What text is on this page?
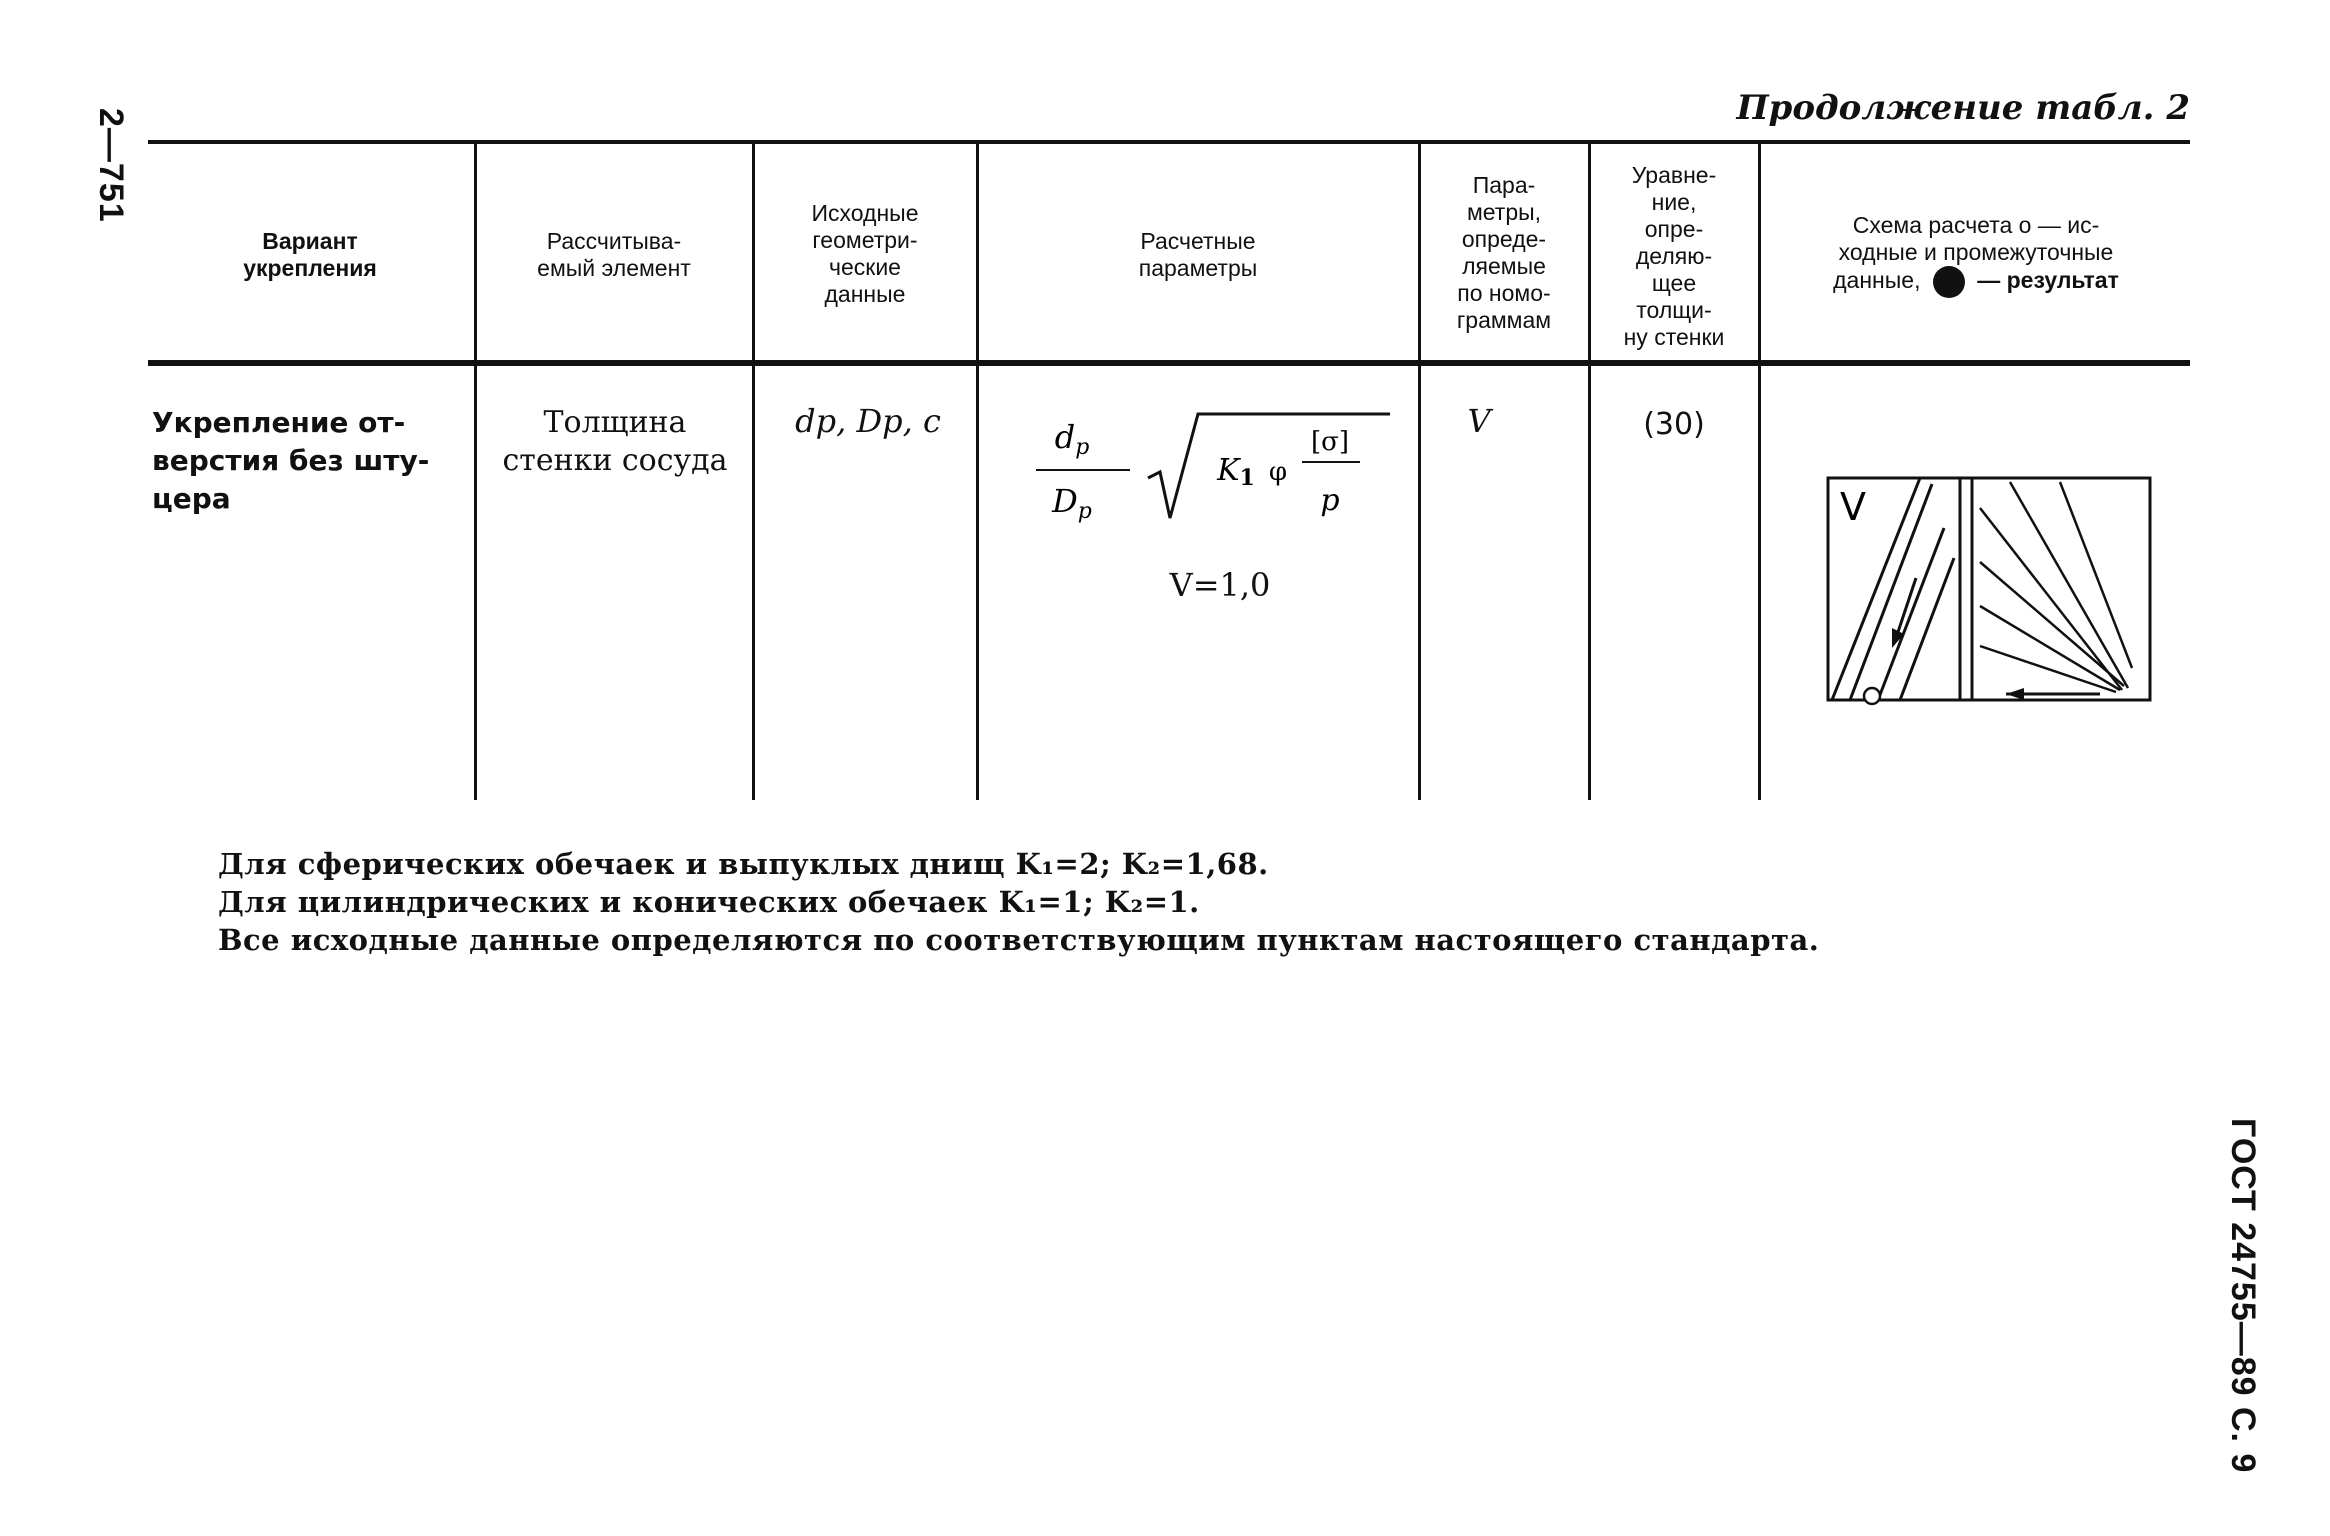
2—751
ГОСТ 24755—89 С. 9
Продолжение табл. 2
Вариант
укрепления
Рассчитыва-
емый элемент
Исходные
геометри-
ческие
данные
Расчетные
параметры
Пара-
метры,
опреде-
ляемые
по номо-
граммам
Уравне-
ние,
опре-
деляю-
щее
толщи-
ну стенки
Схема расчета о — ис-
ходные и промежуточные
данные, — результат
Укрепление от-
верстия без шту-
цера
Толщина
стенки сосуда
dp, Dp, c	dp
Dp
K1 φ
[σ]
p
V=1,0
V	(30)
V
Для сферических обечаек и выпуклых днищ K₁=2; K₂=1,68.
Для цилиндрических и конических обечаек K₁=1; K₂=1.
Все исходные данные определяются по соответствующим пунктам настоящего стандарта.
